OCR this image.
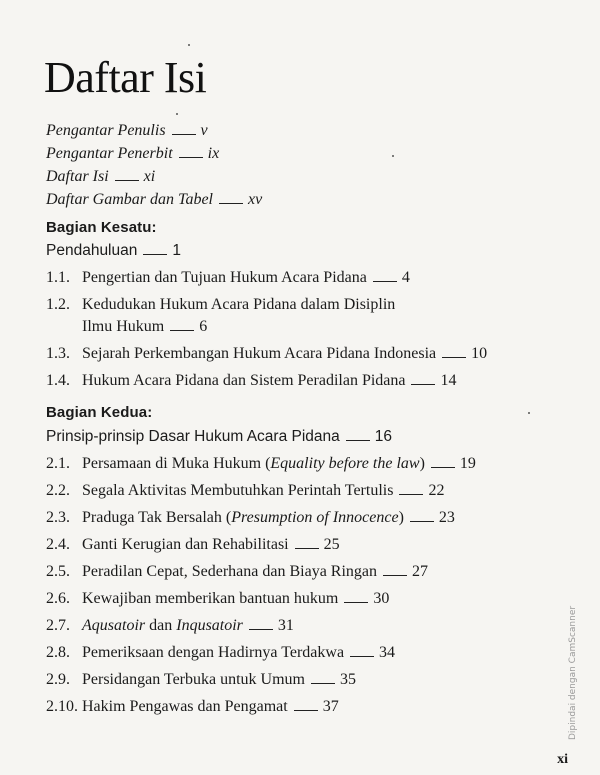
Daftar Isi
Pengantar Penulis v
Pengantar Penerbit ix
Daftar Isi xi
Daftar Gambar dan Tabel xv
Bagian Kesatu:
Pendahuluan 1
1.1. Pengertian dan Tujuan Hukum Acara Pidana 4
1.2. Kedudukan Hukum Acara Pidana dalam Disiplin
Ilmu Hukum 6
1.3. Sejarah Perkembangan Hukum Acara Pidana Indonesia 10
1.4. Hukum Acara Pidana dan Sistem Peradilan Pidana 14
Bagian Kedua:
Prinsip-prinsip Dasar Hukum Acara Pidana 16
2.1. Persamaan di Muka Hukum (Equality before the law) 19
2.2. Segala Aktivitas Membutuhkan Perintah Tertulis 22
2.3. Praduga Tak Bersalah (Presumption of Innocence) 23
2.4. Ganti Kerugian dan Rehabilitasi 25
2.5. Peradilan Cepat, Sederhana dan Biaya Ringan 27
2.6. Kewajiban memberikan bantuan hukum 30
2.7. Aqusatoir dan Inqusatoir 31
2.8. Pemeriksaan dengan Hadirnya Terdakwa 34
2.9. Persidangan Terbuka untuk Umum 35
2.10. Hakim Pengawas dan Pengamat 37
xi
Dipindai dengan CamScanner
